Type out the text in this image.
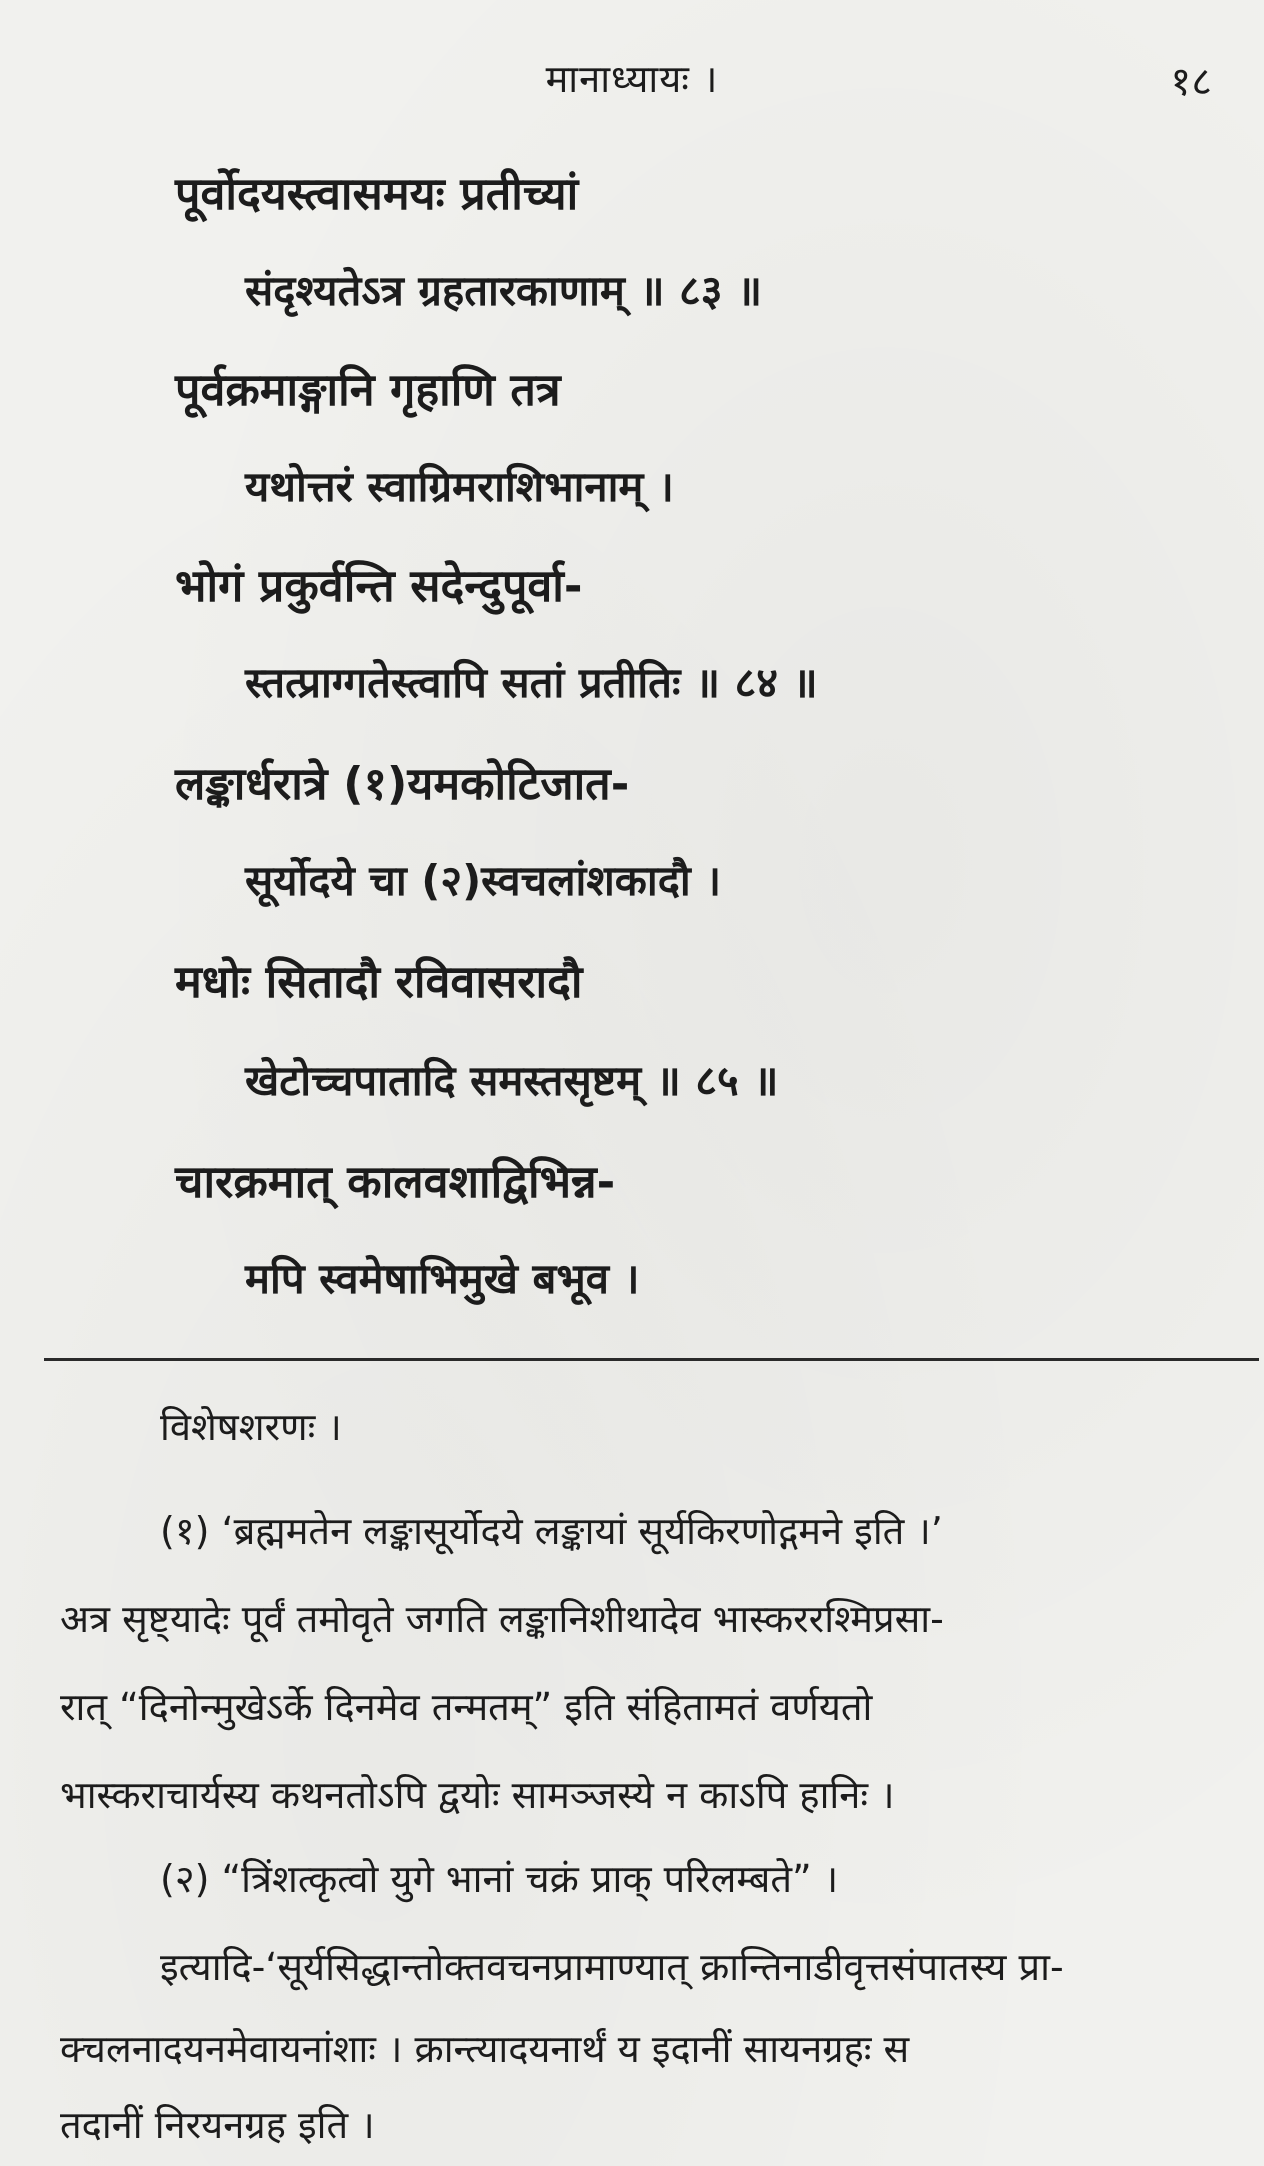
मानाध्यायः ।	१८
पूर्वोदयस्त्वासमयः प्रतीच्यां
संदृश्यतेऽत्र ग्रहतारकाणाम् ॥ ८३ ॥
पूर्वक्रमाङ्गानि गृहाणि तत्र
यथोत्तरं स्वाग्रिमराशिभानाम् ।
भोगं प्रकुर्वन्ति सदेन्दुपूर्वा-
स्तत्प्राग्गतेस्त्वापि सतां प्रतीतिः ॥ ८४ ॥
लङ्कार्धरात्रे (१)यमकोटिजात-
सूर्योदये चा (२)स्वचलांशकादौ ।
मधोः सितादौ रविवासरादौ
खेटोच्चपातादि समस्तसृष्टम् ॥ ८५ ॥
चारक्रमात् कालवशाद्विभिन्न-
मपि स्वमेषाभिमुखे बभूव ।
विशेषशरणः ।
(१) ‘ब्रह्ममतेन लङ्कासूर्योदये लङ्कायां सूर्यकिरणोद्गमने इति ।’
अत्र सृष्ट्यादेः पूर्वं तमोवृते जगति लङ्कानिशीथादेव भास्कररश्मिप्रसा-
रात् “दिनोन्मुखेऽर्के दिनमेव तन्मतम्” इति संहितामतं वर्णयतो
भास्कराचार्यस्य कथनतोऽपि द्वयोः सामञ्जस्ये न काऽपि हानिः ।
(२) “त्रिंशत्कृत्वो युगे भानां चक्रं प्राक् परिलम्बते” ।
इत्यादि-‘सूर्यसिद्धान्तोक्तवचनप्रामाण्यात् क्रान्तिनाडीवृत्तसंपातस्य प्रा-
क्चलनादयनमेवायनांशाः । क्रान्त्यादयनार्थं य इदानीं सायनग्रहः स
तदानीं निरयनग्रह इति ।
